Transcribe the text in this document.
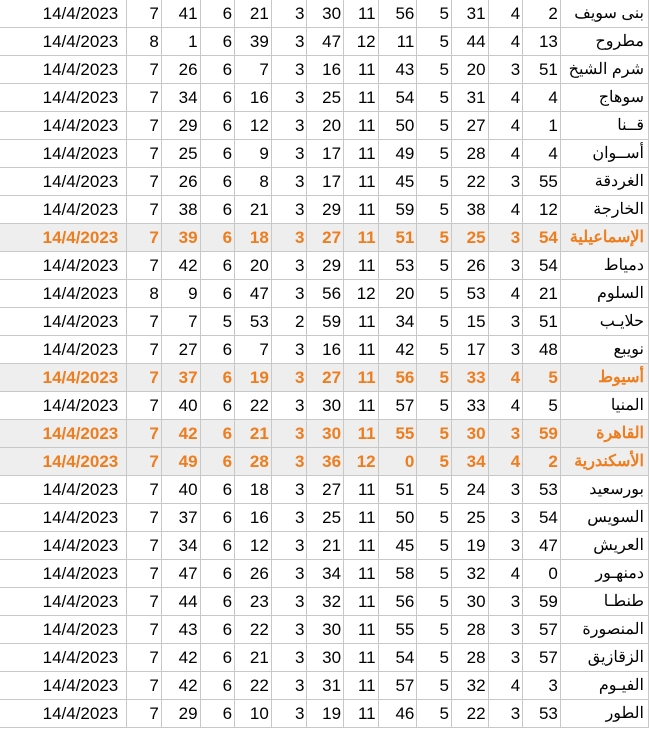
14/4/2023	7	41	6	21	3	30	11	56	5	31	4	2	بنى سويف
14/4/2023	8	1	6	39	3	47	12	11	5	44	4	13	مطروح
14/4/2023	7	26	6	7	3	16	11	43	5	20	3	51	شرم الشيخ
14/4/2023	7	34	6	16	3	25	11	54	5	31	4	4	سوهاج
14/4/2023	7	29	6	12	3	20	11	50	5	27	4	1	قــنا
14/4/2023	7	25	6	9	3	17	11	49	5	28	4	4	أســوان
14/4/2023	7	26	6	8	3	17	11	45	5	22	3	55	الغردقة
14/4/2023	7	38	6	21	3	29	11	59	5	38	4	12	الخارجة
14/4/2023	7	39	6	18	3	27	11	51	5	25	3	54	الإسماعيلية
14/4/2023	7	42	6	20	3	29	11	53	5	26	3	54	دمياط
14/4/2023	8	9	6	47	3	56	12	20	5	53	4	21	السلوم
14/4/2023	7	7	5	53	2	59	11	34	5	15	3	51	حلايـب
14/4/2023	7	27	6	7	3	16	11	42	5	17	3	48	نويبع
14/4/2023	7	37	6	19	3	27	11	56	5	33	4	5	أسيوط
14/4/2023	7	40	6	22	3	30	11	57	5	33	4	5	المنيا
14/4/2023	7	42	6	21	3	30	11	55	5	30	3	59	القاهرة
14/4/2023	7	49	6	28	3	36	12	0	5	34	4	2	الأسكندرية
14/4/2023	7	40	6	18	3	27	11	51	5	24	3	53	بورسعيد
14/4/2023	7	37	6	16	3	25	11	50	5	25	3	54	السويس
14/4/2023	7	34	6	12	3	21	11	45	5	19	3	47	العريش
14/4/2023	7	47	6	26	3	34	11	58	5	32	4	0	دمنهـور
14/4/2023	7	44	6	23	3	32	11	56	5	30	3	59	طنطـا
14/4/2023	7	43	6	22	3	30	11	55	5	28	3	57	المنصورة
14/4/2023	7	42	6	21	3	30	11	54	5	28	3	57	الزقازيق
14/4/2023	7	42	6	22	3	31	11	57	5	32	4	3	الفيـوم
14/4/2023	7	29	6	10	3	19	11	46	5	22	3	53	الطور
